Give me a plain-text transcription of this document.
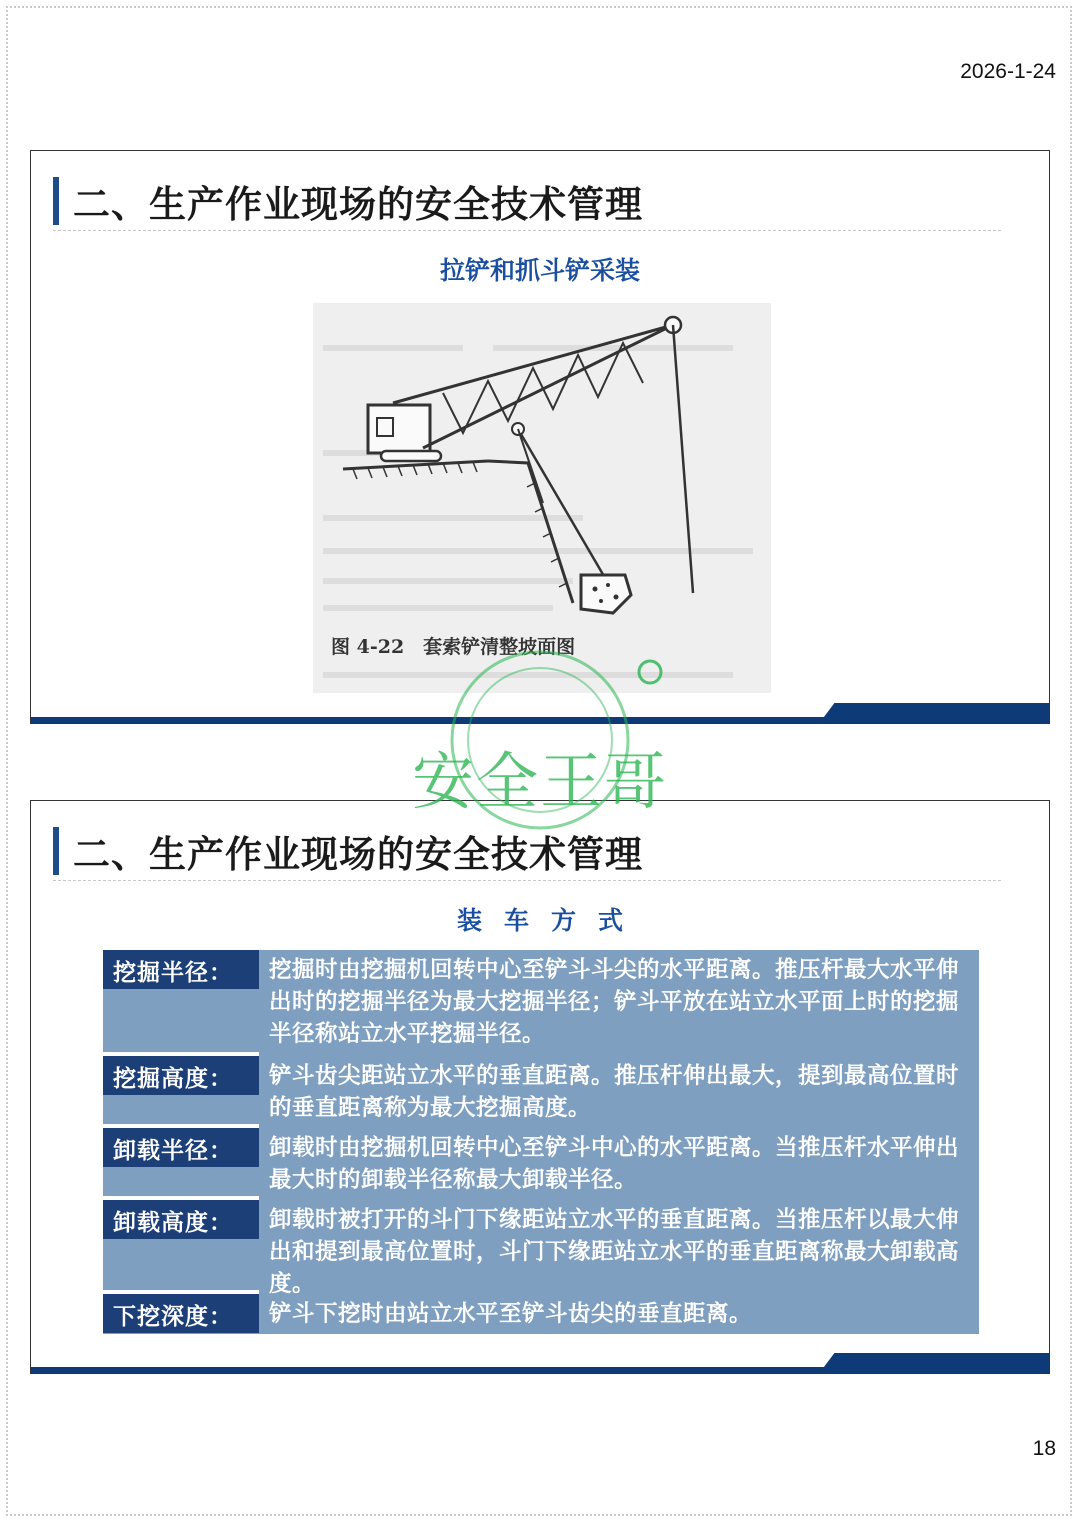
2026-1-24
二、生产作业现场的安全技术管理
拉铲和抓斗铲采装
图 4-22　套索铲清整坡面图
二、生产作业现场的安全技术管理
装车方式
挖掘半径： 挖掘时由挖掘机回转中心至铲斗斗尖的水平距离。推压杆最大水平伸出时的挖掘半径为最大挖掘半径；铲斗平放在站立水平面上时的挖掘半径称站立水平挖掘半径。
挖掘高度： 铲斗齿尖距站立水平的垂直距离。推压杆伸出最大，提到最高位置时的垂直距离称为最大挖掘高度。
卸载半径： 卸载时由挖掘机回转中心至铲斗中心的水平距离。当推压杆水平伸出最大时的卸载半径称最大卸载半径。
卸载高度： 卸载时被打开的斗门下缘距站立水平的垂直距离。当推压杆以最大伸出和提到最高位置时，斗门下缘距站立水平的垂直距离称最大卸载高度。
下挖深度： 铲斗下挖时由站立水平至铲斗齿尖的垂直距离。
安全王哥
18
